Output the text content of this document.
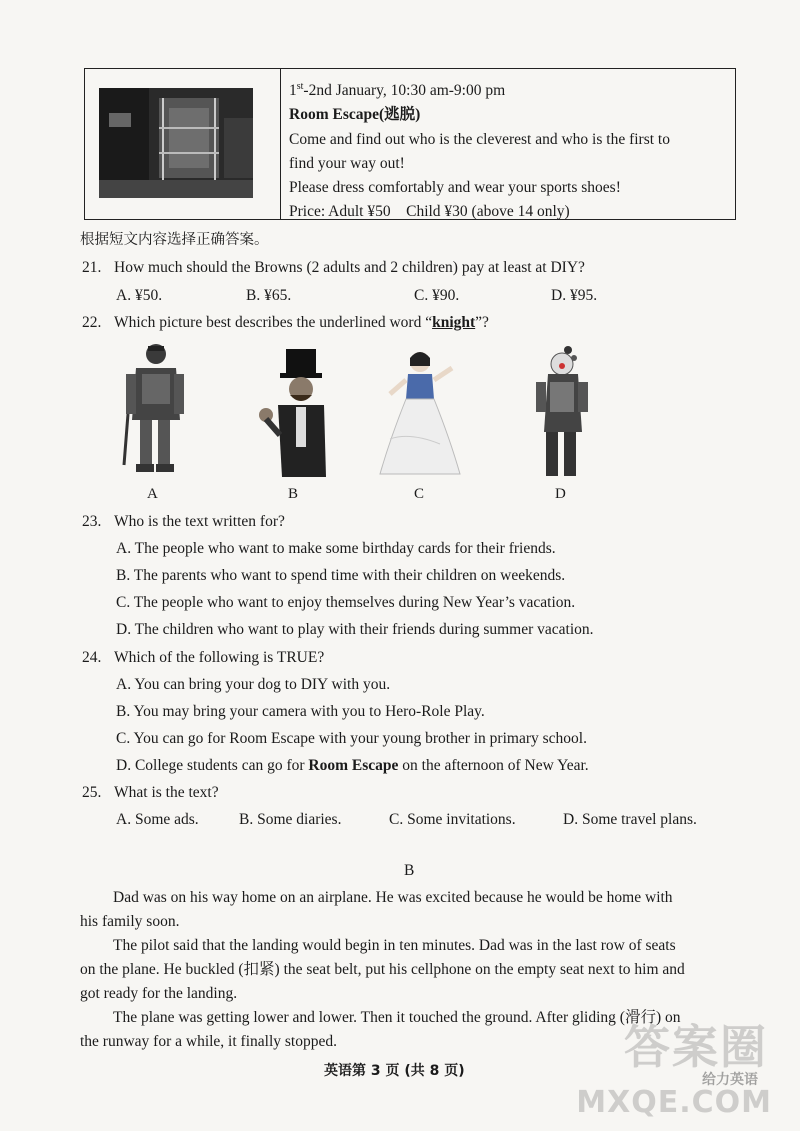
1st-2nd January, 10:30 am-9:00 pm
Room Escape(逃脱)
Come and find out who is the cleverest and who is the first to
find your way out!
Please dress comfortably and wear your sports shoes!
Price: Adult ¥50    Child ¥30 (above 14 only)
根据短文内容选择正确答案。
21. How much should the Browns (2 adults and 2 children) pay at least at DIY?
A. ¥50.	B. ¥65.	C. ¥90.	D. ¥95.
22. Which picture best describes the underlined word “knight”?
A	B	C	D
23. Who is the text written for?
A. The people who want to make some birthday cards for their friends.
B. The parents who want to spend time with their children on weekends.
C. The people who want to enjoy themselves during New Year’s vacation.
D. The children who want to play with their friends during summer vacation.
24. Which of the following is TRUE?
A. You can bring your dog to DIY with you.
B. You may bring your camera with you to Hero-Role Play.
C. You can go for Room Escape with your young brother in primary school.
D. College students can go for Room Escape on the afternoon of New Year.
25. What is the text?
A. Some ads.	B. Some diaries.	C. Some invitations.	D. Some travel plans.
B
Dad was on his way home on an airplane. He was excited because he would be home with
his family soon.
The pilot said that the landing would begin in ten minutes. Dad was in the last row of seats
on the plane. He buckled (扣紧) the seat belt, put his cellphone on the empty seat next to him and
got ready for the landing.
The plane was getting lower and lower. Then it touched the ground. After gliding (滑行) on
the runway for a while, it finally stopped.
英语第 3 页 (共 8 页)	答案圈
给力英语
MXQE.COM
